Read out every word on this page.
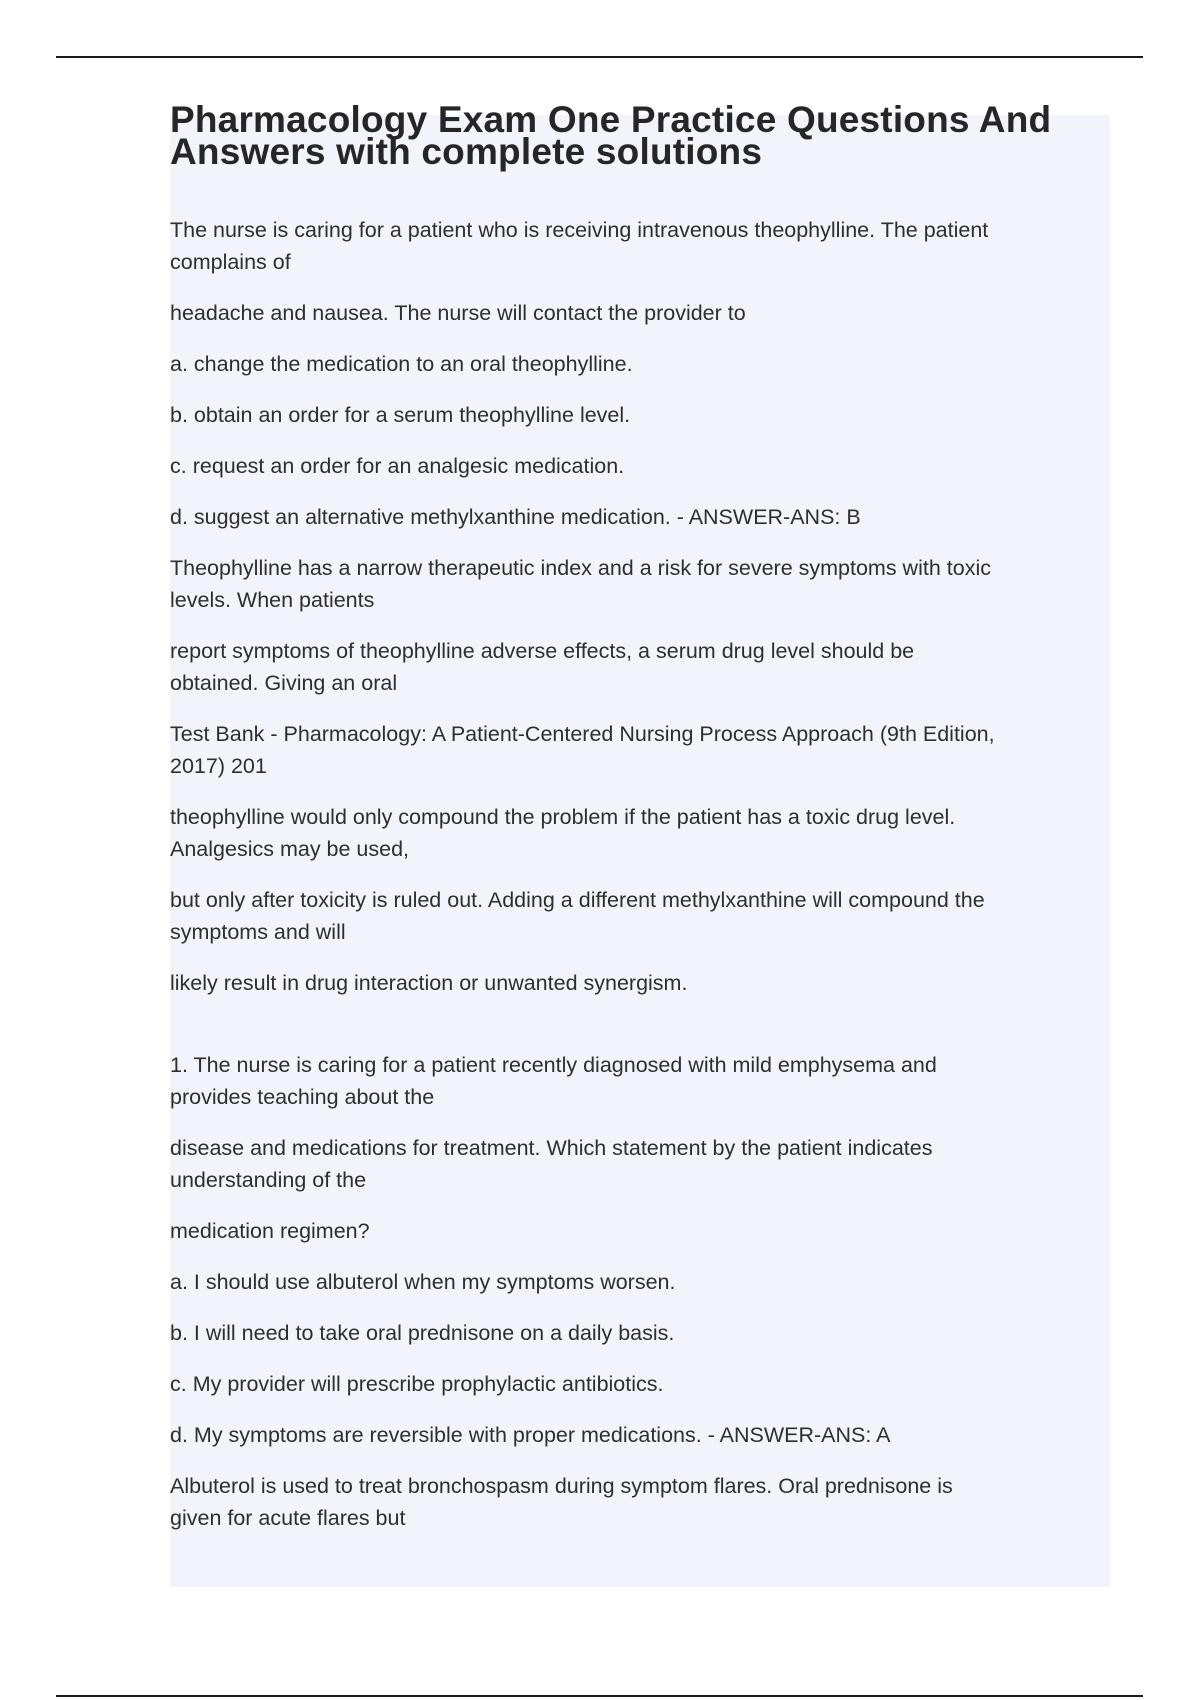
Pharmacology Exam One Practice Questions And Answers with complete solutions

The nurse is caring for a patient who is receiving intravenous theophylline. The patient
complains of

headache and nausea. The nurse will contact the provider to

a. change the medication to an oral theophylline.

b. obtain an order for a serum theophylline level.

c. request an order for an analgesic medication.

d. suggest an alternative methylxanthine medication. - ANSWER-ANS: B

Theophylline has a narrow therapeutic index and a risk for severe symptoms with toxic
levels. When patients

report symptoms of theophylline adverse effects, a serum drug level should be
obtained. Giving an oral

Test Bank - Pharmacology: A Patient-Centered Nursing Process Approach (9th Edition,
2017) 201

theophylline would only compound the problem if the patient has a toxic drug level.
Analgesics may be used,

but only after toxicity is ruled out. Adding a different methylxanthine will compound the
symptoms and will

likely result in drug interaction or unwanted synergism.

1. The nurse is caring for a patient recently diagnosed with mild emphysema and
provides teaching about the

disease and medications for treatment. Which statement by the patient indicates
understanding of the

medication regimen?

a. I should use albuterol when my symptoms worsen.

b. I will need to take oral prednisone on a daily basis.

c. My provider will prescribe prophylactic antibiotics.

d. My symptoms are reversible with proper medications. - ANSWER-ANS: A

Albuterol is used to treat bronchospasm during symptom flares. Oral prednisone is
given for acute flares but
